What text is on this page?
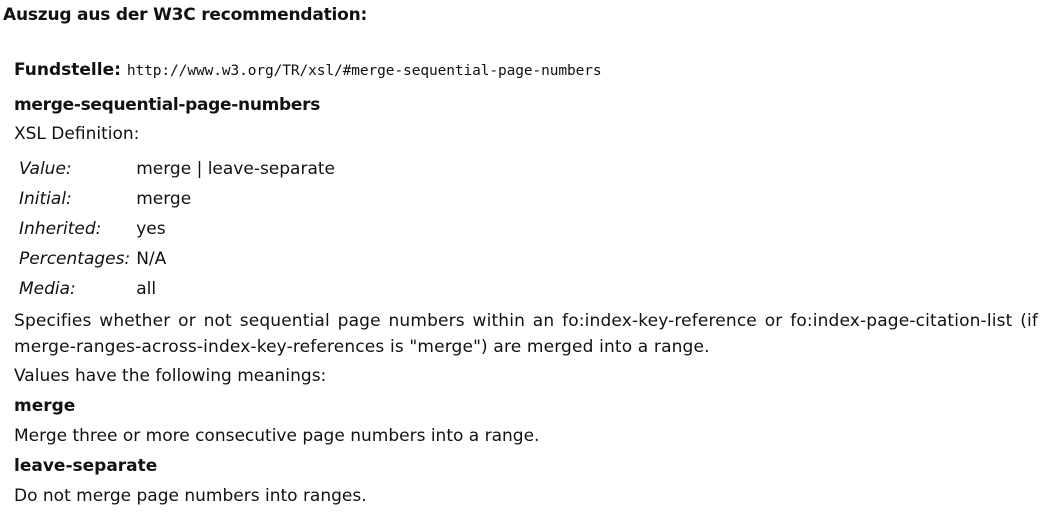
Auszug aus der W3C recommendation:
Fundstelle: http://www.w3.org/TR/xsl/#merge-sequential-page-numbers
merge-sequential-page-numbers
XSL Definition:
Value:	merge | leave-separate
Initial:	merge
Inherited:	yes
Percentages:	N/A
Media:	all
Specifies whether or not sequential page numbers within an fo:index-key-reference or fo:index-page-citation-list (if merge-ranges-across-index-key-references is "merge") are merged into a range.
Values have the following meanings:
merge
Merge three or more consecutive page numbers into a range.
leave-separate
Do not merge page numbers into ranges.
